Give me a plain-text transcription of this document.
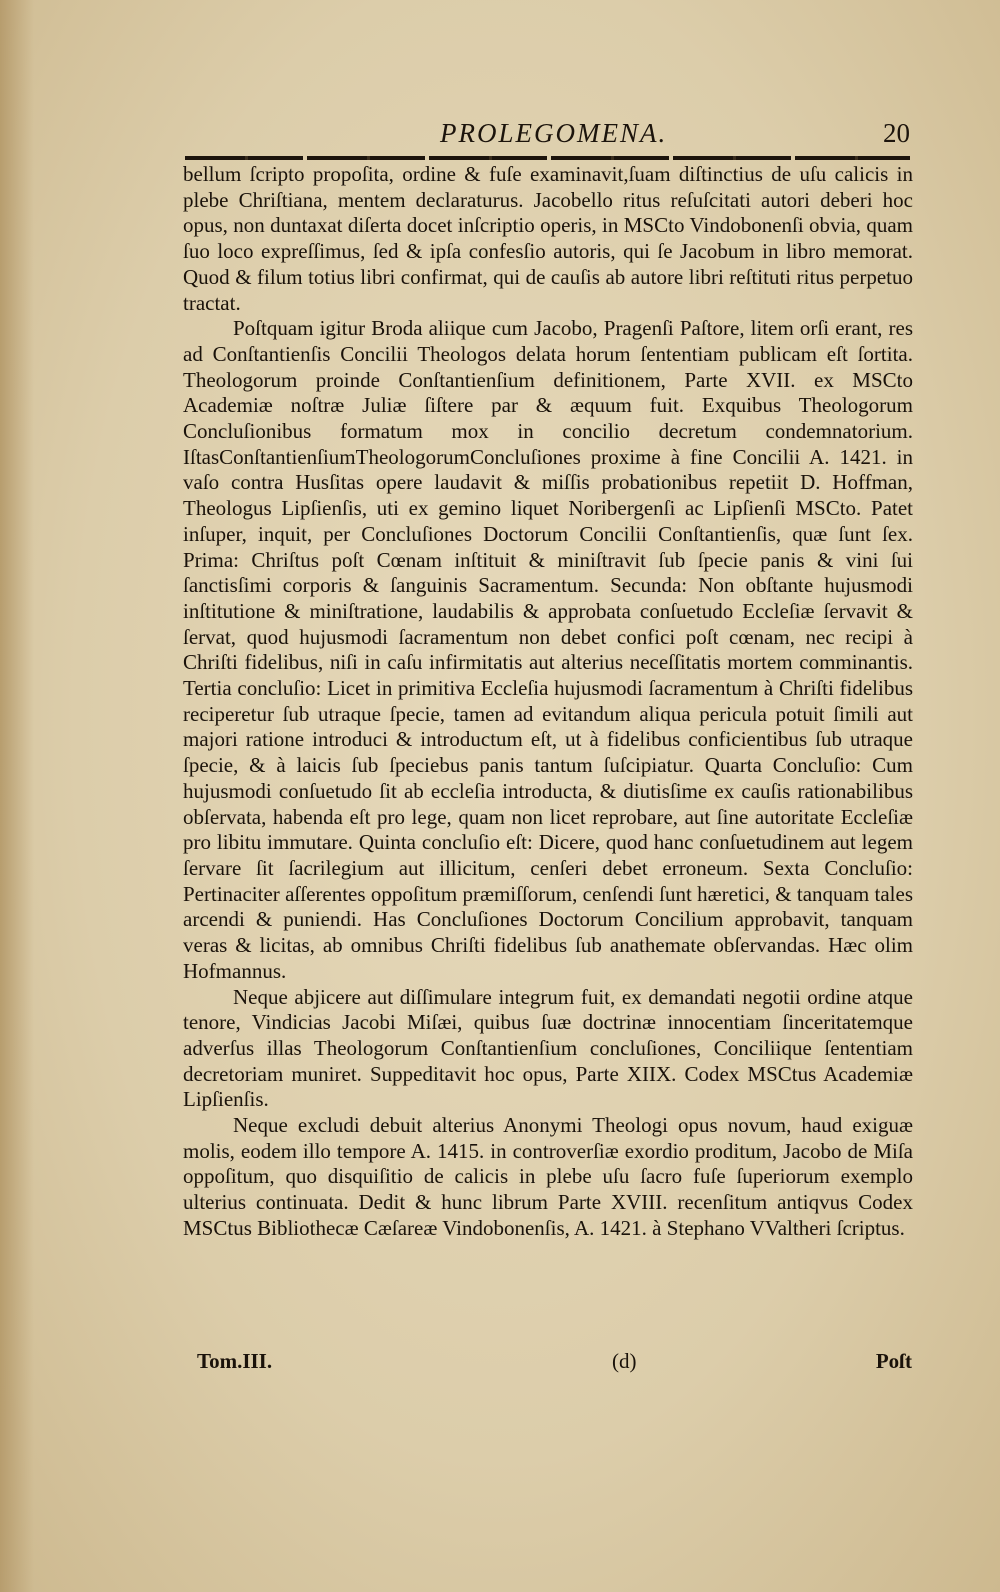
PROLEGOMENA.	20

bellum ſcripto propoſita, ordine & fuſe examinavit,ſuam diſtinctius de uſu calicis in plebe Chriſtiana, mentem declaraturus. Jacobello ritus reſuſcitati autori deberi hoc opus, non duntaxat diſerta docet inſcriptio operis, in MSCto Vindobonenſi obvia, quam ſuo loco expreſſimus, ſed & ipſa confesſio autoris, qui ſe Jacobum in libro memorat. Quod & filum totius libri confirmat, qui de cauſis ab autore libri reſtituti ritus perpetuo tractat.

Poſtquam igitur Broda aliique cum Jacobo, Pragenſi Paſtore, litem orſi erant, res ad Conſtantienſis Concilii Theologos delata horum ſententiam publicam eſt ſortita. Theologorum proinde Conſtantienſium definitionem, Parte XVII. ex MSCto Academiæ noſtræ Juliæ ſiſtere par & æquum fuit. Exquibus Theologorum Concluſionibus formatum mox in concilio decretum condemnatorium. IſtasConſtantienſiumTheologorumConcluſiones proxime à fine Concilii A. 1421. in vaſo contra Husſitas opere laudavit & miſſis probationibus repetiit D. Hoffman, Theologus Lipſienſis, uti ex gemino liquet Noribergenſi ac Lipſienſi MSCto. Patet inſuper, inquit, per Concluſiones Doctorum Concilii Conſtantienſis, quæ ſunt ſex. Prima: Chriſtus poſt Cœnam inſtituit & miniſtravit ſub ſpecie panis & vini ſui ſanctisſimi corporis & ſanguinis Sacramentum. Secunda: Non obſtante hujusmodi inſtitutione & miniſtratione, laudabilis & approbata conſuetudo Eccleſiæ ſervavit & ſervat, quod hujusmodi ſacramentum non debet confici poſt cœnam, nec recipi à Chriſti fidelibus, niſi in caſu infirmitatis aut alterius neceſſitatis mortem comminantis. Tertia concluſio: Licet in primitiva Eccleſia hujusmodi ſacramentum à Chriſti fidelibus reciperetur ſub utraque ſpecie, tamen ad evitandum aliqua pericula potuit ſimili aut majori ratione introduci & introductum eſt, ut à fidelibus conficientibus ſub utraque ſpecie, & à laicis ſub ſpeciebus panis tantum ſuſcipiatur. Quarta Concluſio: Cum hujusmodi conſuetudo ſit ab eccleſia introducta, & diutisſime ex cauſis rationabilibus obſervata, habenda eſt pro lege, quam non licet reprobare, aut ſine autoritate Eccleſiæ pro libitu immutare. Quinta concluſio eſt: Dicere, quod hanc conſuetudinem aut legem ſervare ſit ſacrilegium aut illicitum, cenſeri debet erroneum. Sexta Concluſio: Pertinaciter aſſerentes oppoſitum præmiſſorum, cenſendi ſunt hæretici, & tanquam tales arcendi & puniendi. Has Concluſiones Doctorum Concilium approbavit, tanquam veras & licitas, ab omnibus Chriſti fidelibus ſub anathemate obſervandas. Hæc olim Hofmannus.

Neque abjicere aut diſſimulare integrum fuit, ex demandati negotii ordine atque tenore, Vindicias Jacobi Miſæi, quibus ſuæ doctrinæ innocentiam ſinceritatemque adverſus illas Theologorum Conſtantienſium concluſiones, Conciliique ſententiam decretoriam muniret. Suppeditavit hoc opus, Parte XIIX. Codex MSCtus Academiæ Lipſienſis.

Neque excludi debuit alterius Anonymi Theologi opus novum, haud exiguæ molis, eodem illo tempore A. 1415. in controverſiæ exordio proditum, Jacobo de Miſa oppoſitum, quo disquiſitio de calicis in plebe uſu ſacro fuſe ſuperiorum exemplo ulterius continuata. Dedit & hunc librum Parte XVIII. recenſitum antiqvus Codex MSCtus Bibliothecæ Cæſareæ Vindobonenſis, A. 1421. à Stephano VValtheri ſcriptus.

Tom.III.	(d)	Poſt
